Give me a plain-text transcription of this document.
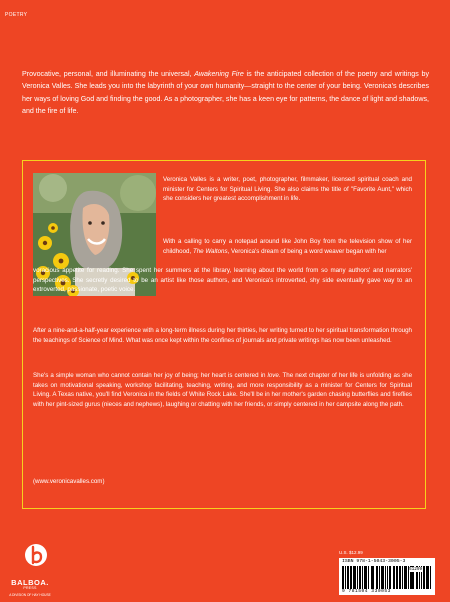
POETRY

Provocative, personal, and illuminating the universal, Awakening Fire is the anticipated collection of the poetry and writings by Veronica Valles. She leads you into the labyrinth of your own humanity—straight to the center of your being. Veronica's describes her ways of loving God and finding the good. As a photographer, she has a keen eye for patterns, the dance of light and shadows, and the fire of life.

Veronica Valles is a writer, poet, photographer, filmmaker, licensed spiritual coach and minister for Centers for Spiritual Living. She also claims the title of "Favorite Aunt," which she considers her greatest accomplishment in life.

With a calling to carry a notepad around like John Boy from the television show of her childhood, The Waltons, Veronica's dream of being a word weaver began with her

voracious appetite for reading. She spent her summers at the library, learning about the world from so many authors' and narrators' perspectives. She secretly desired to be an artist like those authors, and Veronica's introverted, shy side eventually gave way to an extroverted, passionate, poetic voice.

After a nine-and-a-half-year experience with a long-term illness during her thirties, her writing turned to her spiritual transformation through the teachings of Science of Mind. What was once kept within the confines of journals and private writings has now been unleashed.

She's a simple woman who cannot contain her joy of being; her heart is centered in love. The next chapter of her life is unfolding as she takes on motivational speaking, workshop facilitating, teaching, writing, and more responsibility as a minister for Centers for Spiritual Living. A Texas native, you'll find Veronica in the fields of White Rock Lake. She'll be in her mother's garden chasing butterflies and fireflies with her pint-sized gurus (nieces and nephews), laughing or chatting with her friends, or simply centered in her campsite along the path.

(www.veronicavalles.com)

BALBOA.
PRESS
A DIVISION OF HAY HOUSE
U.S. $12.99
ISBN 978-1-5043-3005-3
51299
9 781504 330053
